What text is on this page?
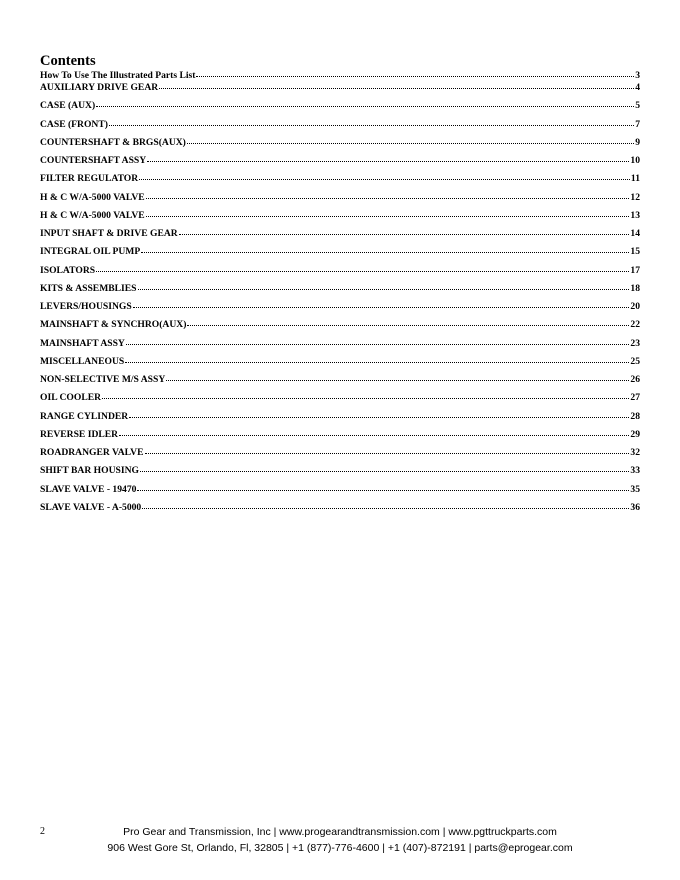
Contents
How To Use The Illustrated Parts List	3
AUXILIARY DRIVE GEAR	4
CASE (AUX)	5
CASE (FRONT)	7
COUNTERSHAFT & BRGS(AUX)	9
COUNTERSHAFT ASSY	10
FILTER REGULATOR	11
H & C W/A-5000 VALVE	12
H & C W/A-5000 VALVE	13
INPUT SHAFT & DRIVE GEAR	14
INTEGRAL OIL PUMP	15
ISOLATORS	17
KITS & ASSEMBLIES	18
LEVERS/HOUSINGS	20
MAINSHAFT & SYNCHRO(AUX)	22
MAINSHAFT ASSY	23
MISCELLANEOUS	25
NON-SELECTIVE M/S ASSY	26
OIL COOLER	27
RANGE CYLINDER	28
REVERSE IDLER	29
ROADRANGER VALVE	32
SHIFT BAR HOUSING	33
SLAVE VALVE - 19470	35
SLAVE VALVE - A-5000	36
2	Pro Gear and Transmission, Inc | www.progearandtransmission.com | www.pgttruckparts.com
906 West Gore St, Orlando, Fl, 32805 | +1 (877)-776-4600 | +1 (407)-872191 | parts@eprogear.com
